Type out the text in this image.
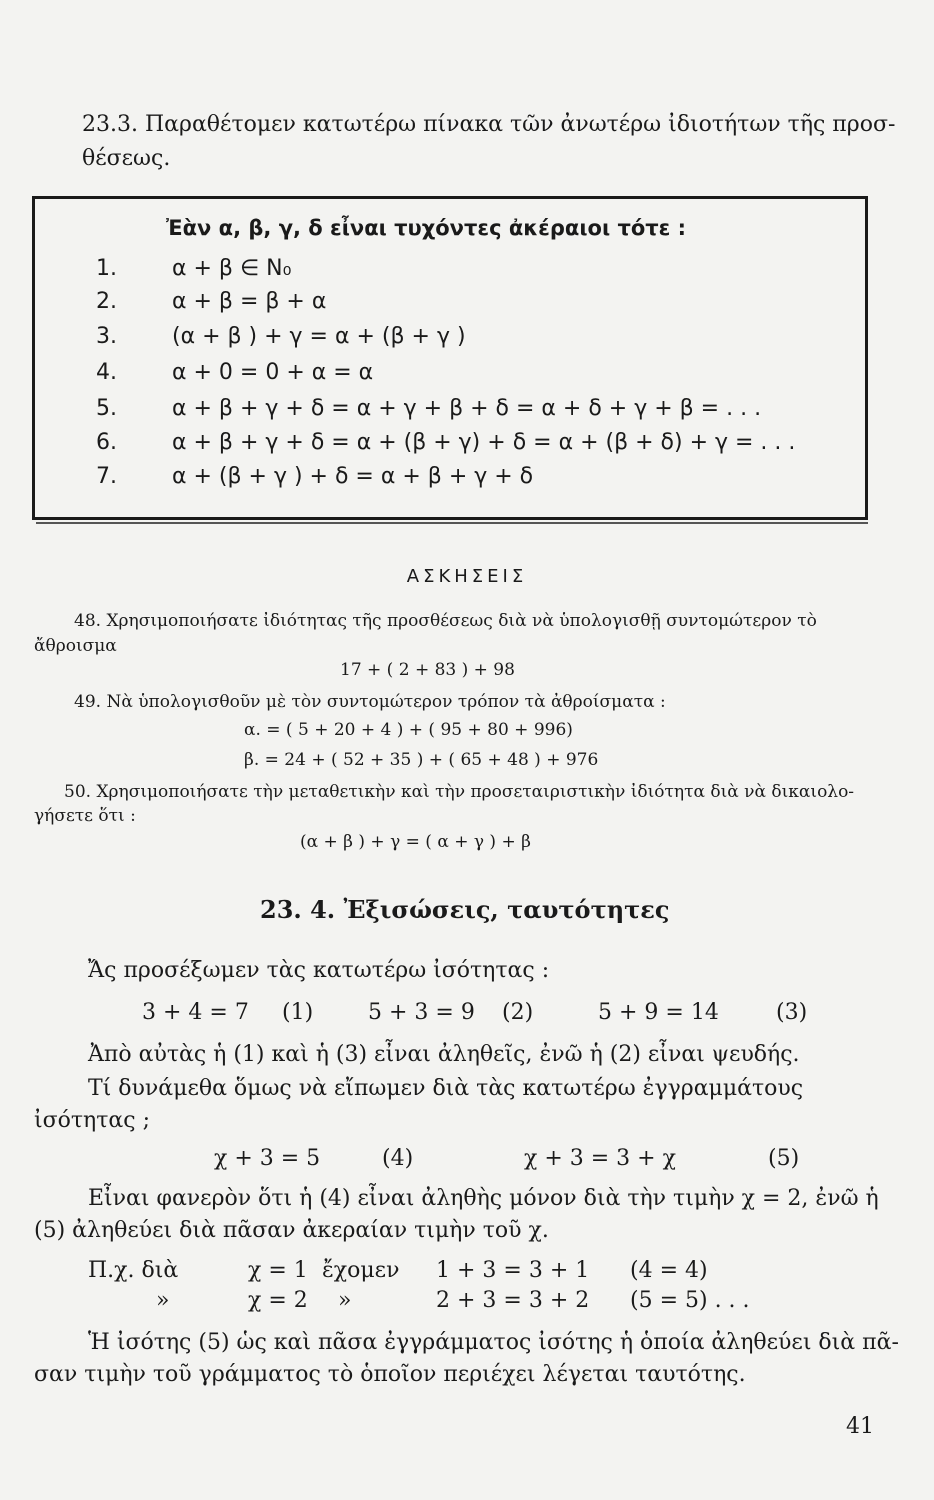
23.3. Παραθέτομεν κατωτέρω πίνακα τῶν ἀνωτέρω ἰδιοτήτων τῆς προσ-
θέσεως.
Ἐὰν α, β, γ, δ εἶναι τυχόντες ἀκέραιοι τότε :
1.	α + β ∈ N₀
2.	α + β = β + α
3.	(α + β ) + γ = α + (β + γ )
4.	α + 0 = 0 + α = α
5.	α + β + γ + δ = α + γ + β + δ = α + δ + γ + β = . . .
6.	α + β + γ + δ = α + (β + γ) + δ = α + (β + δ) + γ = . . .
7.	α + (β + γ ) + δ = α + β + γ + δ
ΑΣΚΗΣΕΙΣ
48. Χρησιμοποιήσατε ἰδιότητας τῆς προσθέσεως διὰ νὰ ὑπολογισθῇ συντομώτερον τὸ
ἄθροισμα
17 + ( 2 + 83 ) + 98
49. Νὰ ὑπολογισθοῦν μὲ τὸν συντομώτερον τρόπον τὰ ἀθροίσματα :
α. = ( 5 + 20 + 4 ) + ( 95 + 80 + 996)
β. = 24 + ( 52 + 35 ) + ( 65 + 48 ) + 976
50. Χρησιμοποιήσατε τὴν μεταθετικὴν καὶ τὴν προσεταιριστικὴν ἰδιότητα διὰ νὰ δικαιολο-
γήσετε ὅτι :
(α + β ) + γ = ( α + γ ) + β
23. 4. Ἐξισώσεις, ταυτότητες
Ἄς προσέξωμεν τὰς κατωτέρω ἰσότητας :
3 + 4 = 7 (1) 5 + 3 = 9 (2)	5 + 9 = 14	(3)
Ἀπὸ αὐτὰς ἡ (1) καὶ ἡ (3) εἶναι ἀληθεῖς, ἐνῶ ἡ (2) εἶναι ψευδής.
Τί δυνάμεθα ὅμως νὰ εἴπωμεν διὰ τὰς κατωτέρω ἐγγραμμάτους
ἰσότητας ;
χ + 3 = 5	(4)	χ + 3 = 3 + χ	(5)
Εἶναι φανερὸν ὅτι ἡ (4) εἶναι ἀληθὴς μόνον διὰ τὴν τιμὴν χ = 2, ἐνῶ ἡ
(5) ἀληθεύει διὰ πᾶσαν ἀκεραίαν τιμὴν τοῦ χ.
Π.χ. διὰ	χ = 1 ἔχομεν 1 + 3 = 3 + 1 (4 = 4)
»	χ = 2 »	2 + 3 = 3 + 2 (5 = 5) . . .
Ἡ ἰσότης (5) ὡς καὶ πᾶσα ἐγγράμματος ἰσότης ἡ ὁποία ἀληθεύει διὰ πᾶ-
σαν τιμὴν τοῦ γράμματος τὸ ὁποῖον περιέχει λέγεται ταυτότης.
41
